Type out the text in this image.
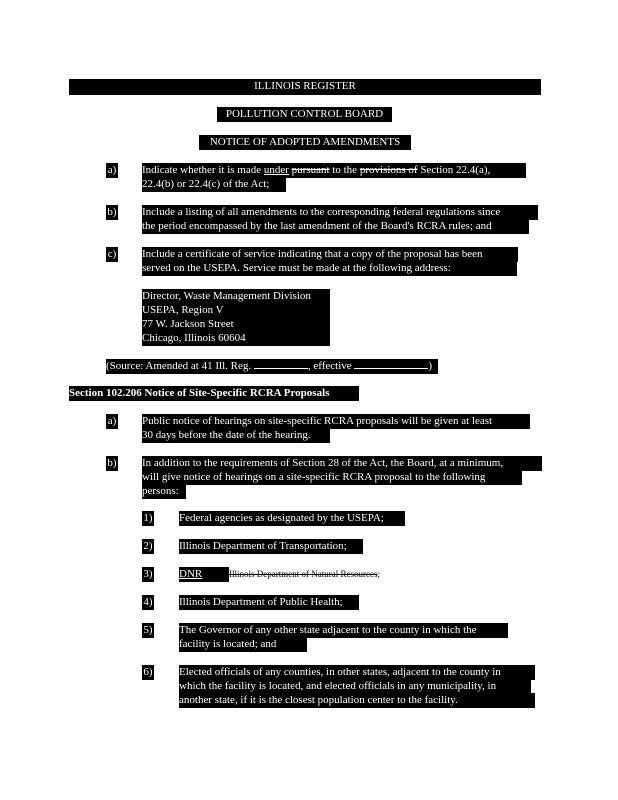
ILLINOIS REGISTER
POLLUTION CONTROL BOARD
NOTICE OF ADOPTED AMENDMENTS
a) Indicate whether it is made under pursuant to the provisions of Section 22.4(a),
22.4(b) or 22.4(c) of the Act;
b) Include a listing of all amendments to the corresponding federal regulations since
the period encompassed by the last amendment of the Board's RCRA rules; and
c) Include a certificate of service indicating that a copy of the proposal has been
served on the USEPA. Service must be made at the following address:
Director, Waste Management Division
USEPA, Region V
77 W. Jackson Street
Chicago, Illinois 60604
(Source: Amended at 41 Ill. Reg.	, effective	)
Section 102.206 Notice of Site-Specific RCRA Proposals
a) Public notice of hearings on site-specific RCRA proposals will be given at least
30 days before the date of the hearing.
b) In addition to the requirements of Section 28 of the Act, the Board, at a minimum,
will give notice of hearings on a site-specific RCRA proposal to the following
persons:
1) Federal agencies as designated by the USEPA;
2) Illinois Department of Transportation;
3) DNR	Illinois Department of Natural Resources;
4) Illinois Department of Public Health;
5) The Governor of any other state adjacent to the county in which the
facility is located; and
6) Elected officials of any counties, in other states, adjacent to the county in
which the facility is located, and elected officials in any municipality, in
another state, if it is the closest population center to the facility.
